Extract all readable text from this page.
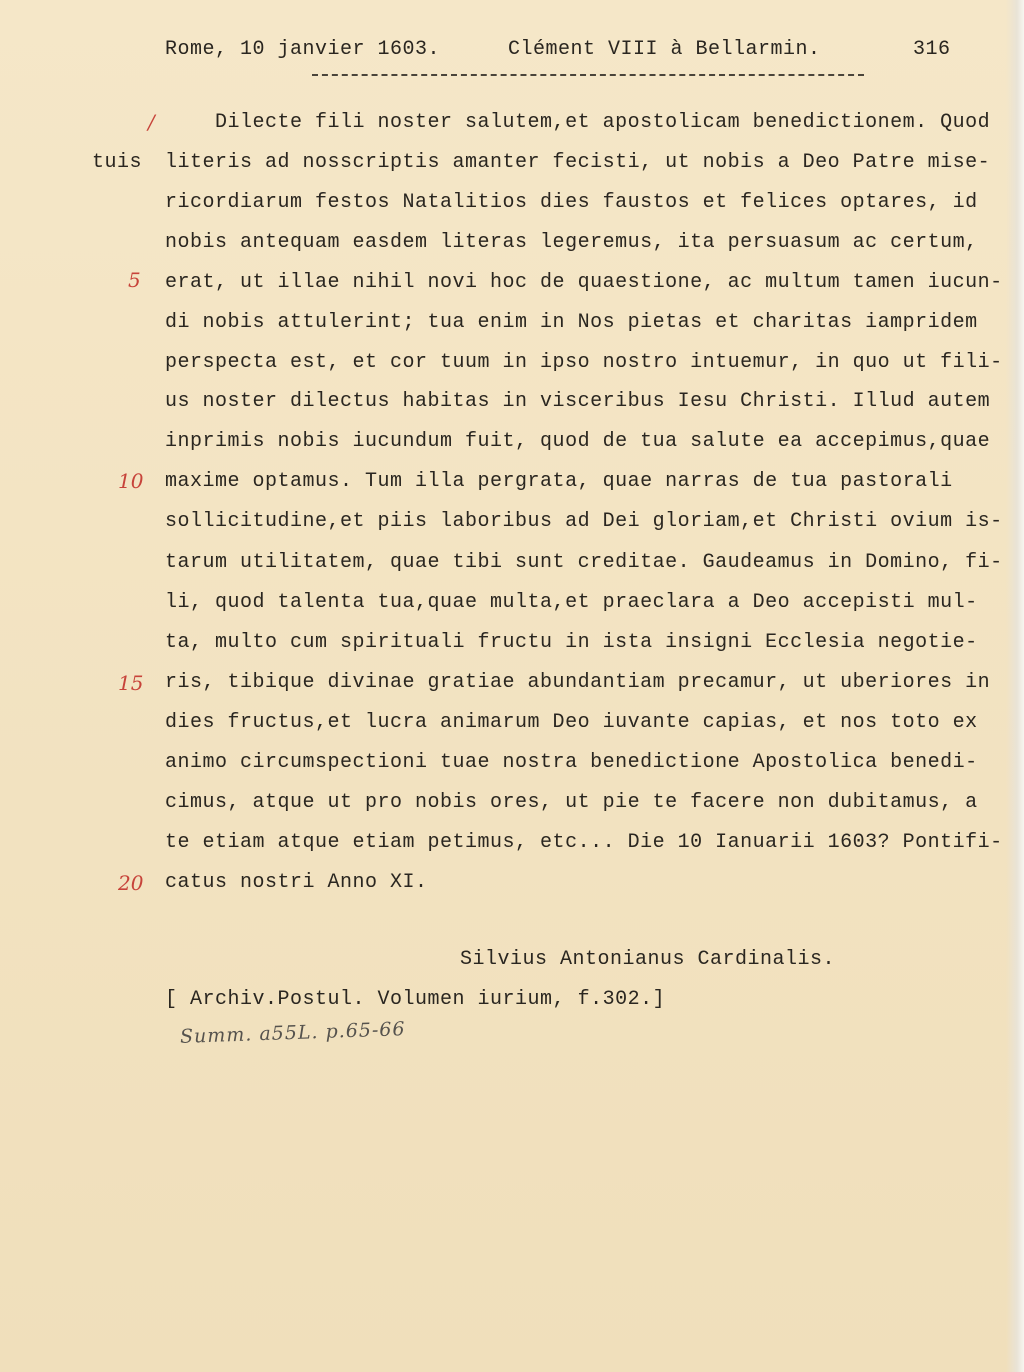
Rome, 10 janvier 1603.	Clément VIII à Bellarmin.	316
Dilecte fili noster salutem,et apostolicam benedictionem. Quod
literis ad nosscriptis amanter fecisti, ut nobis a Deo Patre mise-
ricordiarum festos Natalitios dies faustos et felices optares, id
nobis antequam easdem literas legeremus, ita persuasum ac certum,
erat, ut illae nihil novi hoc de quaestione, ac multum tamen iucun-
di nobis attulerint; tua enim in Nos pietas et charitas iampridem
perspecta est, et cor tuum in ipso nostro intuemur, in quo ut fili-
us noster dilectus habitas in visceribus Iesu Christi. Illud autem
inprimis nobis iucundum fuit, quod de tua salute ea accepimus,quae
maxime optamus. Tum illa pergrata, quae narras de tua pastorali
sollicitudine,et piis laboribus ad Dei gloriam,et Christi ovium is-
tarum utilitatem, quae tibi sunt creditae. Gaudeamus in Domino, fi-
li, quod talenta tua,quae multa,et praeclara a Deo accepisti mul-
ta, multo cum spirituali fructu in ista insigni Ecclesia negotie-
ris, tibique divinae gratiae abundantiam precamur, ut uberiores in
dies fructus,et lucra animarum Deo iuvante capias, et nos toto ex
animo circumspectioni tuae nostra benedictione Apostolica benedi-
cimus, atque ut pro nobis ores, ut pie te facere non dubitamus, a
te etiam atque etiam petimus, etc... Die 10 Ianuarii 1603? Pontifi-
catus nostri Anno XI.
tuis
/
5
10
15
20
Silvius Antonianus Cardinalis.
[ Archiv.Postul. Volumen iurium, f.302.]
Summ. a55L. p.65-66
